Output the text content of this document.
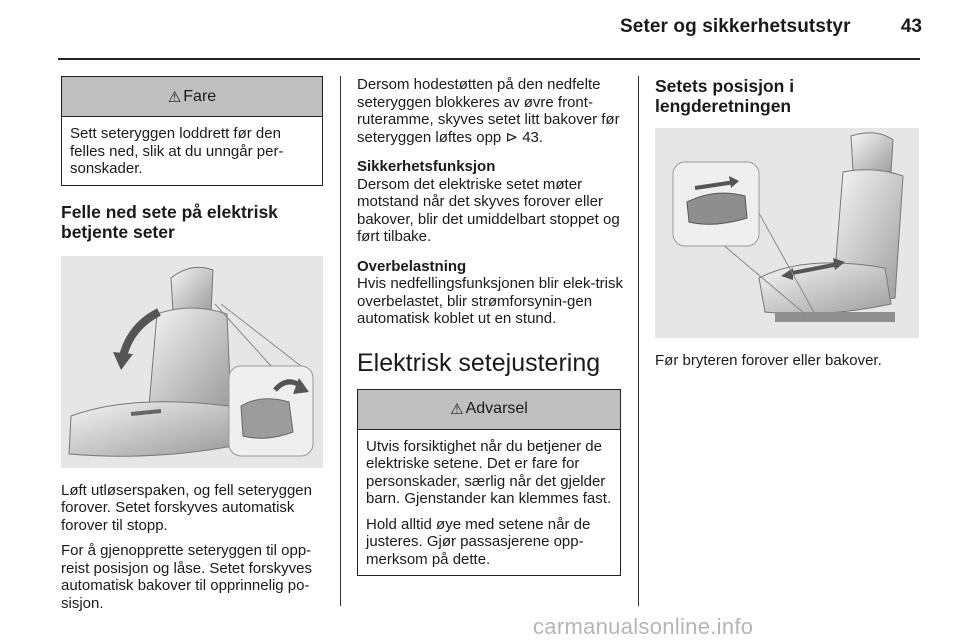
Seter og sikkerhetsutstyr	43
⚠ Fare

Sett seteryggen loddrett før den felles ned, slik at du unngår per-sonskader.

Felle ned sete på elektrisk betjente seter

Løft utløserspaken, og fell seteryggen forover. Setet forskyves automatisk forover til stopp.

For å gjenopprette seteryggen til opp-reist posisjon og låse. Setet forskyves automatisk bakover til opprinnelig po-sisjon.

Dersom hodestøtten på den nedfelte seteryggen blokkeres av øvre front-ruteramme, skyves setet litt bakover før seteryggen løftes opp ⊳ 43.

Sikkerhetsfunksjon
Dersom det elektriske setet møter motstand når det skyves forover eller bakover, blir det umiddelbart stoppet og ført tilbake.

Overbelastning
Hvis nedfellingsfunksjonen blir elek-trisk overbelastet, blir strømforsynin-gen automatisk koblet ut en stund.

Elektrisk setejustering
⚠ Advarsel

Utvis forsiktighet når du betjener de elektriske setene. Det er fare for personskader, særlig når det gjelder barn. Gjenstander kan klemmes fast.

Hold alltid øye med setene når de justeres. Gjør passasjerene opp-merksom på dette.

Setets posisjon i lengderetningen

Før bryteren forover eller bakover.

carmanualsonline.info
